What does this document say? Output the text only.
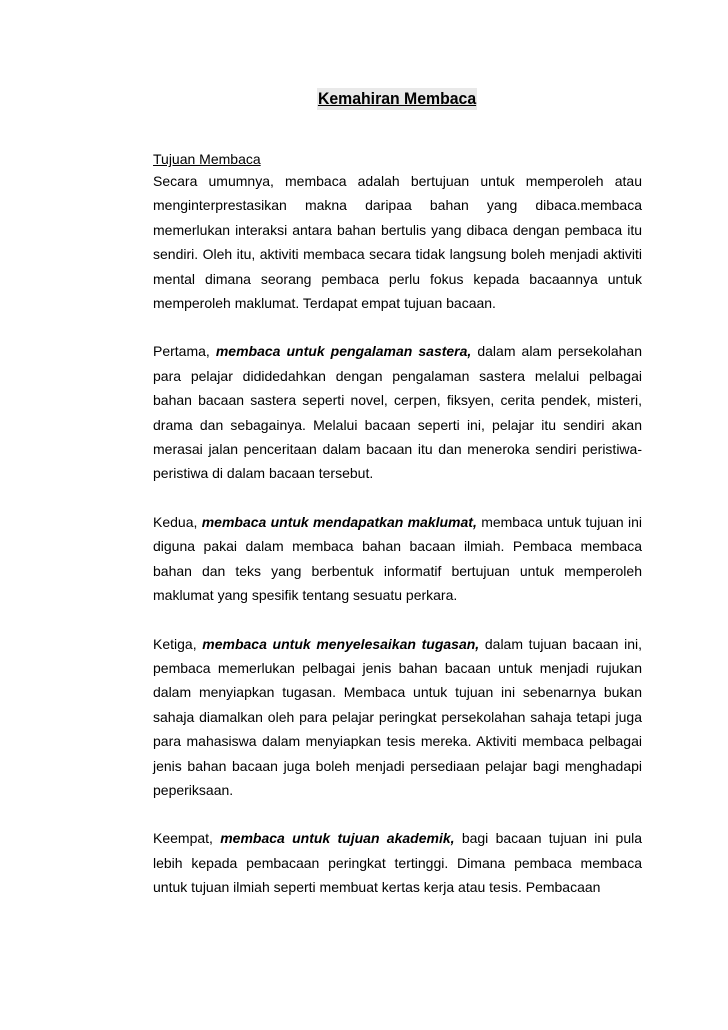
Kemahiran Membaca
Tujuan Membaca

Secara umumnya, membaca adalah bertujuan untuk memperoleh atau menginterprestasikan makna daripaa bahan yang dibaca.membaca memerlukan interaksi antara bahan bertulis yang dibaca dengan pembaca itu sendiri. Oleh itu, aktiviti membaca secara tidak langsung boleh menjadi aktiviti mental dimana seorang pembaca perlu fokus kepada bacaannya untuk memperoleh maklumat. Terdapat empat tujuan bacaan.

Pertama, membaca untuk pengalaman sastera, dalam alam persekolahan para pelajar dididedahkan dengan pengalaman sastera melalui pelbagai bahan bacaan sastera seperti novel, cerpen, fiksyen, cerita pendek, misteri, drama dan sebagainya. Melalui bacaan seperti ini, pelajar itu sendiri akan merasai jalan penceritaan dalam bacaan itu dan meneroka sendiri peristiwa-peristiwa di dalam bacaan tersebut.

Kedua, membaca untuk mendapatkan maklumat, membaca untuk tujuan ini diguna pakai dalam membaca bahan bacaan ilmiah. Pembaca membaca bahan dan teks yang berbentuk informatif bertujuan untuk memperoleh maklumat yang spesifik tentang sesuatu perkara.

Ketiga, membaca untuk menyelesaikan tugasan, dalam tujuan bacaan ini, pembaca memerlukan pelbagai jenis bahan bacaan untuk menjadi rujukan dalam menyiapkan tugasan. Membaca untuk tujuan ini sebenarnya bukan sahaja diamalkan oleh para pelajar peringkat persekolahan sahaja tetapi juga para mahasiswa dalam menyiapkan tesis mereka. Aktiviti membaca pelbagai jenis bahan bacaan juga boleh menjadi persediaan pelajar bagi menghadapi peperiksaan.

Keempat, membaca untuk tujuan akademik, bagi bacaan tujuan ini pula lebih kepada pembacaan peringkat tertinggi. Dimana pembaca membaca untuk tujuan ilmiah seperti membuat kertas kerja atau tesis. Pembacaan
